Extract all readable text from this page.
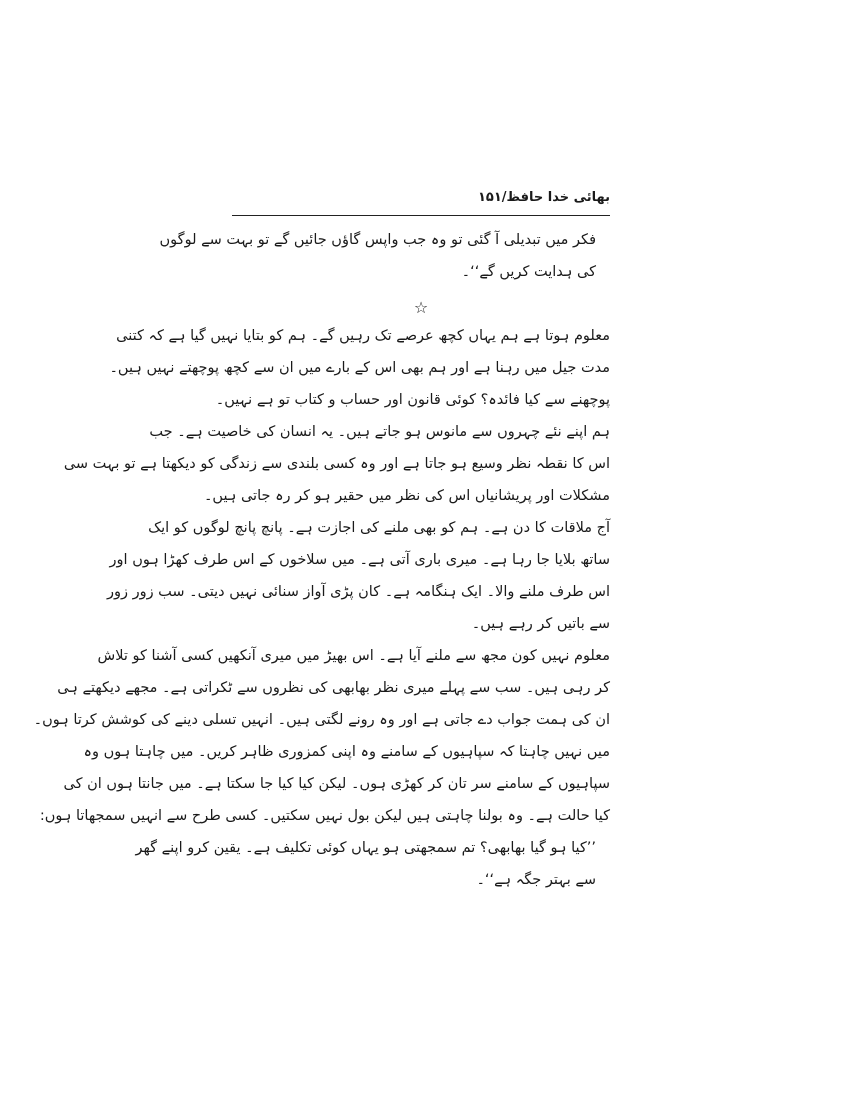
بھائی خدا حافظ/۱۵۱
فکر میں تبدیلی آ گئی تو وہ جب واپس گاؤں جائیں گے تو بہت سے لوگوں
کی ہدایت کریں گے‘‘۔
☆
معلوم ہوتا ہے ہم یہاں کچھ عرصے تک رہیں گے۔ ہم کو بتایا نہیں گیا ہے کہ کتنی
مدت جیل میں رہنا ہے اور ہم بھی اس کے بارے میں ان سے کچھ پوچھتے نہیں ہیں۔
پوچھنے سے کیا فائدہ؟ کوئی قانون اور حساب و کتاب تو ہے نہیں۔
ہم اپنے نئے چہروں سے مانوس ہو جاتے ہیں۔ یہ انسان کی خاصیت ہے۔ جب
اس کا نقطہ نظر وسیع ہو جاتا ہے اور وہ کسی بلندی سے زندگی کو دیکھتا ہے تو بہت سی
مشکلات اور پریشانیاں اس کی نظر میں حقیر ہو کر رہ جاتی ہیں۔
آج ملاقات کا دن ہے۔ ہم کو بھی ملنے کی اجازت ہے۔ پانچ پانچ لوگوں کو ایک
ساتھ بلایا جا رہا ہے۔ میری باری آتی ہے۔ میں سلاخوں کے اس طرف کھڑا ہوں اور
اس طرف ملنے والا۔ ایک ہنگامہ ہے۔ کان پڑی آواز سنائی نہیں دیتی۔ سب زور زور
سے باتیں کر رہے ہیں۔
معلوم نہیں کون مجھ سے ملنے آیا ہے۔ اس بھیڑ میں میری آنکھیں کسی آشنا کو تلاش
کر رہی ہیں۔ سب سے پہلے میری نظر بھابھی کی نظروں سے ٹکراتی ہے۔ مجھے دیکھتے ہی
ان کی ہمت جواب دے جاتی ہے اور وہ رونے لگتی ہیں۔ انہیں تسلی دینے کی کوشش کرتا ہوں۔
میں نہیں چاہتا کہ سپاہیوں کے سامنے وہ اپنی کمزوری ظاہر کریں۔ میں چاہتا ہوں وہ
سپاہیوں کے سامنے سر تان کر کھڑی ہوں۔ لیکن کیا کیا جا سکتا ہے۔ میں جانتا ہوں ان کی
کیا حالت ہے۔ وہ بولنا چاہتی ہیں لیکن بول نہیں سکتیں۔ کسی طرح سے انہیں سمجھاتا ہوں:
’’کیا ہو گیا بھابھی؟ تم سمجھتی ہو یہاں کوئی تکلیف ہے۔ یقین کرو اپنے گھر
سے بہتر جگہ ہے‘‘۔
